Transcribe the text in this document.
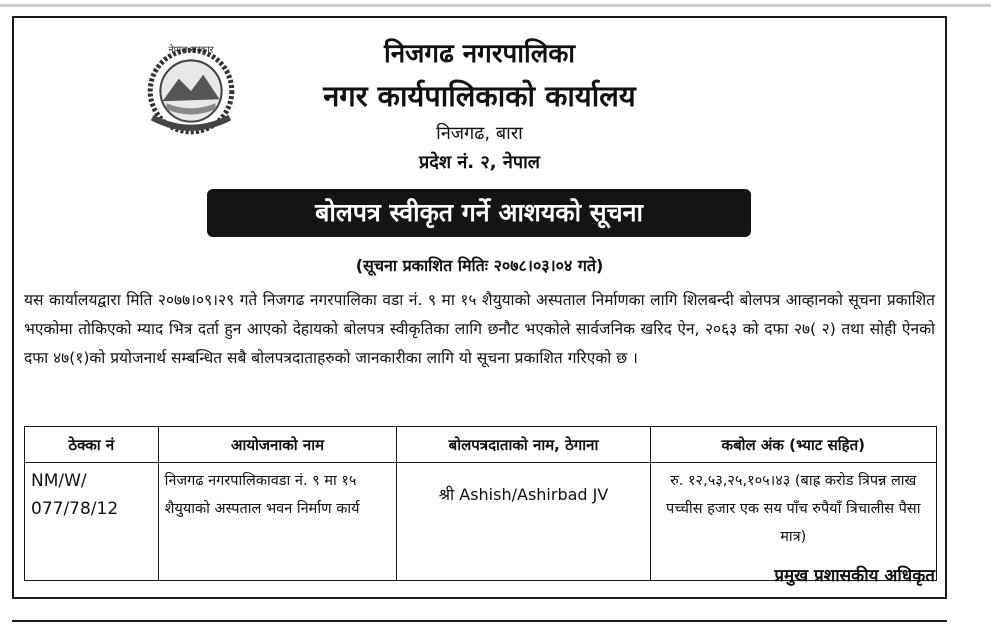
नेपाल सरकार	निजगढ नगरपालिका
नगर कार्यपालिकाको कार्यालय
निजगढ, बारा
प्रदेश नं. २, नेपाल
बोलपत्र स्वीकृत गर्ने आशयको सूचना
(सूचना प्रकाशित मितिः २०७८।०३।०४ गते)

यस कार्यालयद्वारा मिति २०७७।०९।२९ गते निजगढ नगरपालिका वडा नं. ९ मा १५ शैयुयाको अस्पताल निर्माणका लागि शिलबन्दी बोलपत्र आव्हानको सूचना प्रकाशित भएकोमा तोकिएको म्याद भित्र दर्ता हुन आएको देहायको बोलपत्र स्वीकृतिका लागि छनौट भएकोले सार्वजनिक खरिद ऐन, २०६३ को दफा २७( २) तथा सोही ऐनको दफा ४७(१)को प्रयोजनार्थ सम्बन्धित सबै बोलपत्रदाताहरुको जानकारीका लागि यो सूचना प्रकाशित गरिएको छ ।

ठेक्का नं	आयोजनाको नाम	बोलपत्रदाताको नाम, ठेगाना	कबोल अंक (भ्याट सहित)
NM/W/ 077/78/12	निजगढ नगरपालिकावडा नं. ९ मा १५ शैयुयाको अस्पताल भवन निर्माण कार्य	श्री Ashish/Ashirbad JV	रु. १२,५३,२५,१०५।४३ (बाह्र करोड त्रिपन्न लाख पच्चीस हजार एक सय पाँच रुपैयाँ त्रिचालीस पैसा मात्र)
प्रमुख प्रशासकीय अधिकृत
